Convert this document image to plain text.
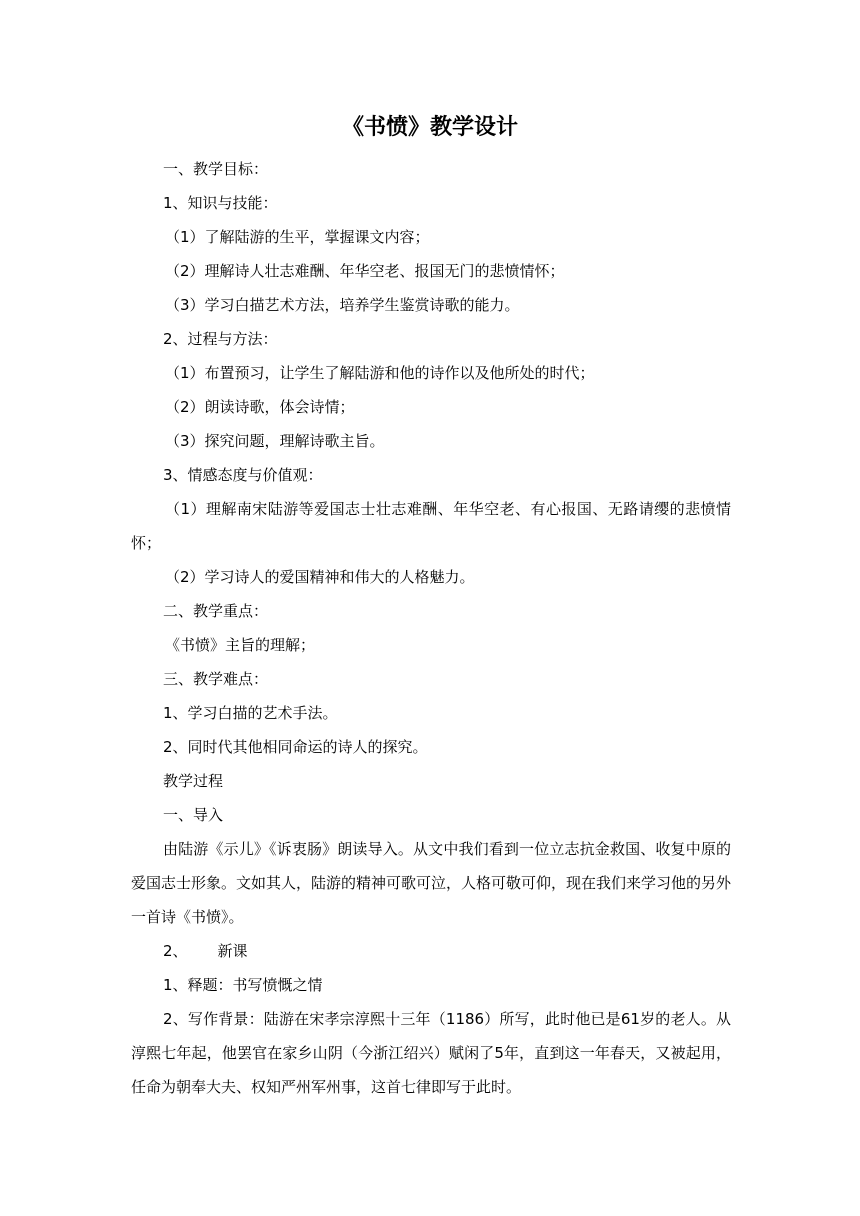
《书愤》教学设计

一、教学目标：

1、知识与技能：

（1）了解陆游的生平，掌握课文内容；

（2）理解诗人壮志难酬、年华空老、报国无门的悲愤情怀；

（3）学习白描艺术方法，培养学生鉴赏诗歌的能力。

2、过程与方法：

（1）布置预习，让学生了解陆游和他的诗作以及他所处的时代；

（2）朗读诗歌，体会诗情；

（3）探究问题，理解诗歌主旨。

3、情感态度与价值观：

（1）理解南宋陆游等爱国志士壮志难酬、年华空老、有心报国、无路请缨的悲愤情怀；

（2）学习诗人的爱国精神和伟大的人格魅力。

二、教学重点：

《书愤》主旨的理解；

三、教学难点：

1、学习白描的艺术手法。

2、同时代其他相同命运的诗人的探究。

教学过程

一、导入

由陆游《示儿》《诉衷肠》朗读导入。从文中我们看到一位立志抗金救国、收复中原的爱国志士形象。文如其人，陆游的精神可歌可泣，人格可敬可仰，现在我们来学习他的另外一首诗《书愤》。

2、 新课

1、释题：书写愤慨之情

2、写作背景：陆游在宋孝宗淳熙十三年（1186）所写，此时他已是61岁的老人。从淳熙七年起，他罢官在家乡山阴（今浙江绍兴）赋闲了5年，直到这一年春天，又被起用，任命为朝奉大夫、权知严州军州事，这首七律即写于此时。
